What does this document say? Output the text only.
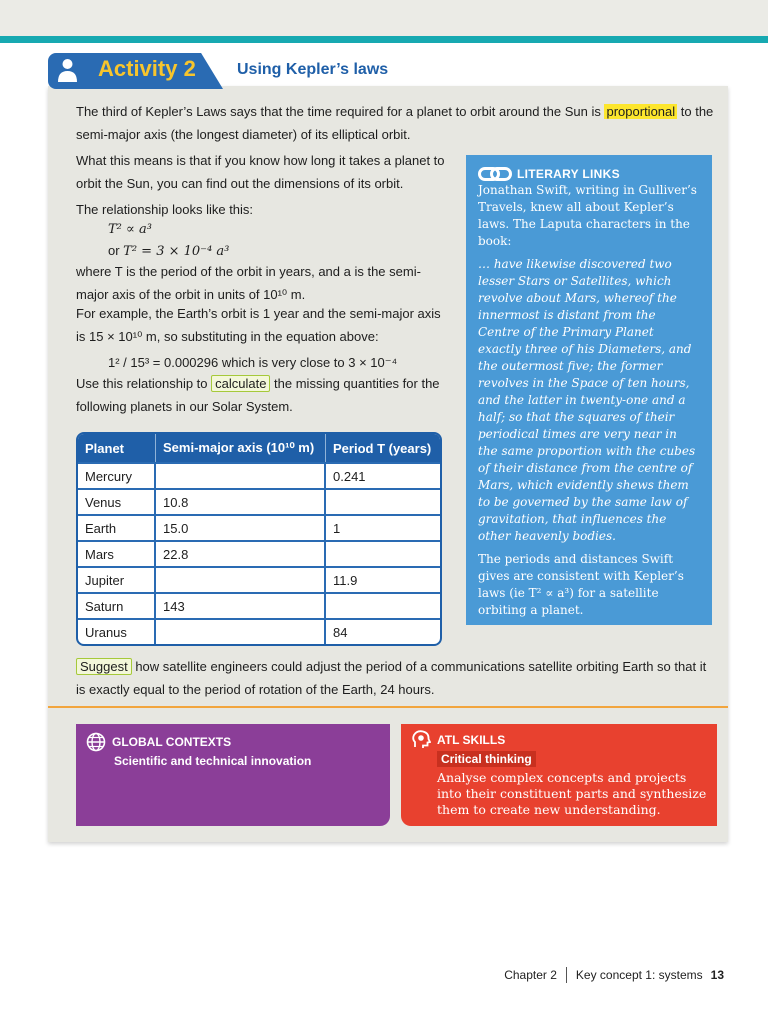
Activity 2	Using Kepler’s laws
The third of Kepler’s Laws says that the time required for a planet to orbit around the Sun is proportional to the semi-major axis (the longest diameter) of its elliptical orbit.
What this means is that if you know how long it takes a planet to orbit the Sun, you can find out the dimensions of its orbit.
The relationship looks like this:
T² ∝ a³
or T² = 3 × 10⁻⁴ a³
where T is the period of the orbit in years, and a is the semi-major axis of the orbit in units of 10¹⁰ m.
For example, the Earth’s orbit is 1 year and the semi-major axis is 15 × 10¹⁰ m, so substituting in the equation above:
1² / 15³ = 0.000296 which is very close to 3 × 10⁻⁴
Use this relationship to calculate the missing quantities for the following planets in our Solar System.
Planet	Semi-major axis (10¹⁰ m)	Period T (years)
Mercury		0.241
Venus	10.8	
Earth	15.0	1
Mars	22.8	
Jupiter		11.9
Saturn	143	
Uranus		84
LITERARY LINKS
Jonathan Swift, writing in Gulliver’s Travels, knew all about Kepler’s laws. The Laputa characters in the book:
… have likewise discovered two lesser Stars or Satellites, which revolve about Mars, whereof the innermost is distant from the Centre of the Primary Planet exactly three of his Diameters, and the outermost five; the former revolves in the Space of ten hours, and the latter in twenty-one and a half; so that the squares of their periodical times are very near in the same proportion with the cubes of their distance from the centre of Mars, which evidently shews them to be governed by the same law of gravitation, that influences the other heavenly bodies.
The periods and distances Swift gives are consistent with Kepler’s laws (ie T² ∝ a³) for a satellite orbiting a planet.
Suggest how satellite engineers could adjust the period of a communications satellite orbiting Earth so that it is exactly equal to the period of rotation of the Earth, 24 hours.
GLOBAL CONTEXTS
Scientific and technical innovation
ATL SKILLS
Critical thinking
Analyse complex concepts and projects into their constituent parts and synthesize them to create new understanding.
Chapter 2 Key concept 1: systems 13
